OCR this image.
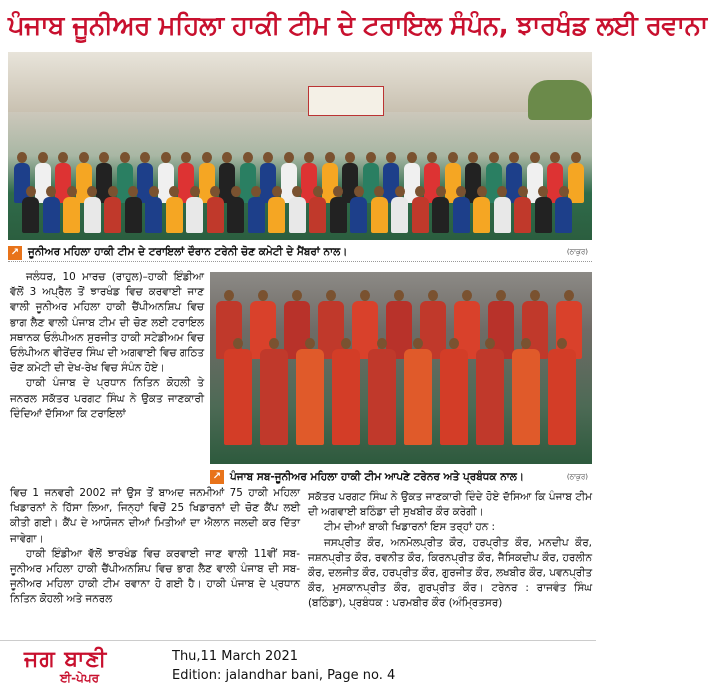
ਪੰਜਾਬ ਜੂਨੀਅਰ ਮਹਿਲਾ ਹਾਕੀ ਟੀਮ ਦੇ ਟਰਾਇਲ ਸੰਪੰਨ, ਝਾਰਖੰਡ ਲਈ ਰਵਾਨਾ
↗ ਜੂਨੀਅਰ ਮਹਿਲਾ ਹਾਕੀ ਟੀਮ ਦੇ ਟਰਾਇਲਾਂ ਦੌਰਾਨ ਟਰੇਨੀ ਚੋਣ ਕਮੇਟੀ ਦੇ ਮੈਂਬਰਾਂ ਨਾਲ।	(ਠਾਕੁਰ)
↗ ਪੰਜਾਬ ਸਬ-ਜੂਨੀਅਰ ਮਹਿਲਾ ਹਾਕੀ ਟੀਮ ਆਪਣੇ ਟਰੇਨਰ ਅਤੇ ਪ੍ਰਬੰਧਕ ਨਾਲ।	(ਠਾਕੁਰ)

ਜਲੰਧਰ, 10 ਮਾਰਚ (ਰਾਹੁਲ)–ਹਾਕੀ ਇੰਡੀਆ ਵੱਲੋਂ 3 ਅਪ੍ਰੈਲ ਤੋਂ ਝਾਰਖੰਡ ਵਿਚ ਕਰਵਾਈ ਜਾਣ ਵਾਲੀ ਜੂਨੀਅਰ ਮਹਿਲਾ ਹਾਕੀ ਚੈਂਪੀਅਨਸ਼ਿਪ ਵਿਚ ਭਾਗ ਲੈਣ ਵਾਲੀ ਪੰਜਾਬ ਟੀਮ ਦੀ ਚੋਣ ਲਈ ਟਰਾਇਲ ਸਥਾਨਕ ਓਲੰਪੀਅਨ ਸੁਰਜੀਤ ਹਾਕੀ ਸਟੇਡੀਅਮ ਵਿਚ ਓਲੰਪੀਅਨ ਵੀਰੇਂਦਰ ਸਿੰਘ ਦੀ ਅਗਵਾਈ ਵਿਚ ਗਠਿਤ ਚੋਣ ਕਮੇਟੀ ਦੀ ਦੇਖ-ਰੇਖ ਵਿਚ ਸੰਪੰਨ ਹੋਏ।

ਹਾਕੀ ਪੰਜਾਬ ਦੇ ਪ੍ਰਧਾਨ ਨਿਤਿਨ ਕੋਹਲੀ ਤੇ ਜਨਰਲ ਸਕੱਤਰ ਪਰਗਟ ਸਿੰਘ ਨੇ ਉਕਤ ਜਾਣਕਾਰੀ ਦਿੰਦਿਆਂ ਦੱਸਿਆ ਕਿ ਟਰਾਇਲਾਂ

ਵਿਚ 1 ਜਨਵਰੀ 2002 ਜਾਂ ਉਸ ਤੋਂ ਬਾਅਦ ਜਨਮੀਆਂ 75 ਹਾਕੀ ਮਹਿਲਾ ਖਿਡਾਰਨਾਂ ਨੇ ਹਿੱਸਾ ਲਿਆ, ਜਿਨ੍ਹਾਂ ਵਿਚੋਂ 25 ਖਿਡਾਰਨਾਂ ਦੀ ਚੋਣ ਕੈਂਪ ਲਈ ਕੀਤੀ ਗਈ। ਕੈਂਪ ਦੇ ਆਯੋਜਨ ਦੀਆਂ ਮਿਤੀਆਂ ਦਾ ਐਲਾਨ ਜਲਦੀ ਕਰ ਦਿੱਤਾ ਜਾਵੇਗਾ।

ਹਾਕੀ ਇੰਡੀਆ ਵੱਲੋਂ ਝਾਰਖੰਡ ਵਿਚ ਕਰਵਾਈ ਜਾਣ ਵਾਲੀ 11ਵੀਂ ਸਬ-ਜੂਨੀਅਰ ਮਹਿਲਾ ਹਾਕੀ ਚੈਂਪੀਅਨਸ਼ਿਪ ਵਿਚ ਭਾਗ ਲੈਣ ਵਾਲੀ ਪੰਜਾਬ ਦੀ ਸਬ-ਜੂਨੀਅਰ ਮਹਿਲਾ ਹਾਕੀ ਟੀਮ ਰਵਾਨਾ ਹੋ ਗਈ ਹੈ। ਹਾਕੀ ਪੰਜਾਬ ਦੇ ਪ੍ਰਧਾਨ ਨਿਤਿਨ ਕੋਹਲੀ ਅਤੇ ਜਨਰਲ

ਸਕੱਤਰ ਪਰਗਟ ਸਿੰਘ ਨੇ ਉਕਤ ਜਾਣਕਾਰੀ ਦਿੰਦੇ ਹੋਏ ਦੱਸਿਆ ਕਿ ਪੰਜਾਬ ਟੀਮ ਦੀ ਅਗਵਾਈ ਬਠਿੰਡਾ ਦੀ ਸੁਖਬੀਰ ਕੌਰ ਕਰੇਗੀ।

ਟੀਮ ਦੀਆਂ ਬਾਕੀ ਖਿਡਾਰਨਾਂ ਇਸ ਤਰ੍ਹਾਂ ਹਨ :

ਜਸਪ੍ਰੀਤ ਕੌਰ, ਅਨਮੋਲਪ੍ਰੀਤ ਕੌਰ, ਹਰਪ੍ਰੀਤ ਕੌਰ, ਮਨਦੀਪ ਕੌਰ, ਜਸ਼ਨਪ੍ਰੀਤ ਕੌਰ, ਰਵਨੀਤ ਕੌਰ, ਕਿਰਨਪ੍ਰੀਤ ਕੌਰ, ਜੈਸਿਕਦੀਪ ਕੌਰ, ਹਰਲੀਨ ਕੌਰ, ਦਲਜੀਤ ਕੌਰ, ਹਰਪ੍ਰੀਤ ਕੌਰ, ਗੁਰਜੀਤ ਕੌਰ, ਲਖਬੀਰ ਕੌਰ, ਪਵਨਪ੍ਰੀਤ ਕੌਰ, ਮੁਸਕਾਨਪ੍ਰੀਤ ਕੌਰ, ਗੁਰਪ੍ਰੀਤ ਕੌਰ। ਟਰੇਨਰ : ਰਾਜਵੰਤ ਸਿੰਘ (ਬਠਿੰਡਾ), ਪ੍ਰਬੰਧਕ : ਪਰਮਬੀਰ ਕੌਰ (ਅੰਮ੍ਰਿਤਸਰ)

ਜਗ ਬਾਣੀ
ਈ-ਪੇਪਰ
Thu,11 March 2021
Edition: jalandhar bani, Page no. 4
